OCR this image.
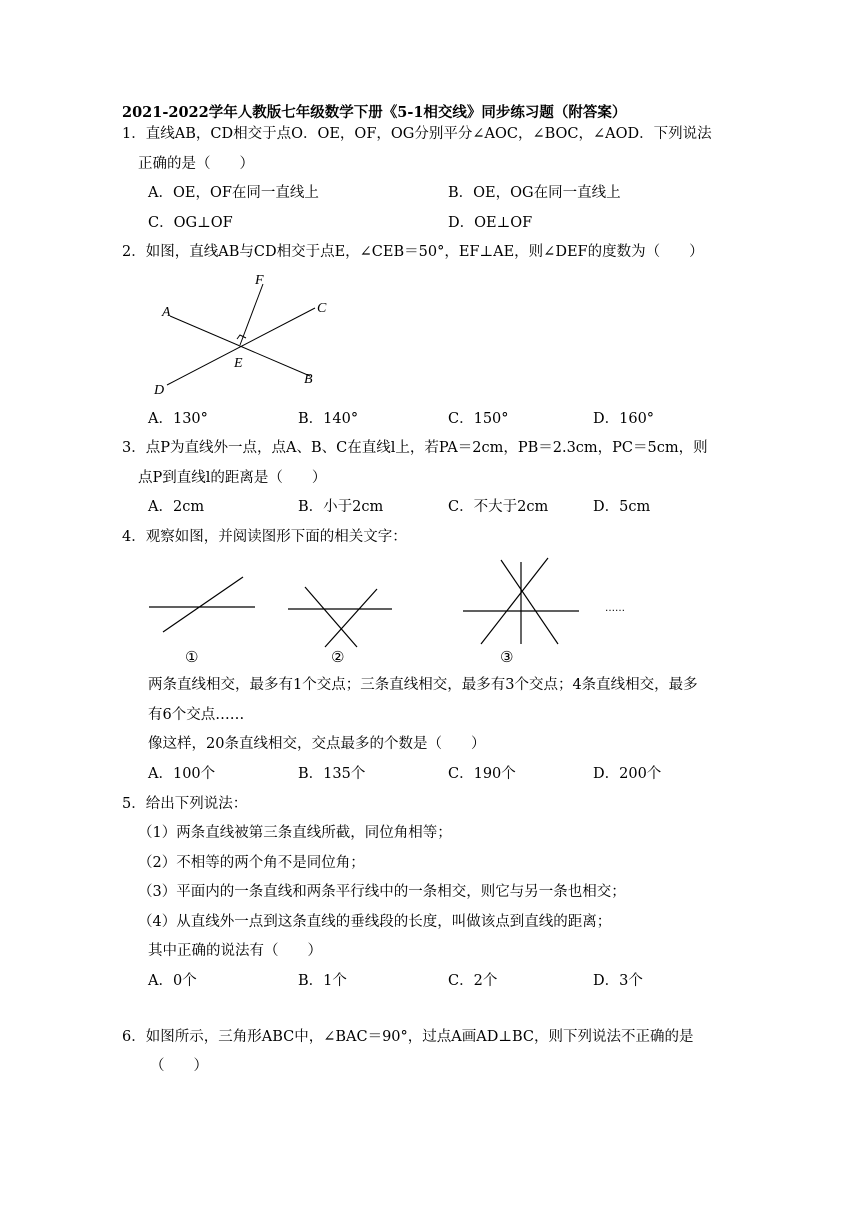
2021-2022学年人教版七年级数学下册《5-1相交线》同步练习题（附答案）
1．直线AB，CD相交于点O．OE，OF，OG分别平分∠AOC，∠BOC，∠AOD．下列说法
正确的是（　　）
A．OE，OF在同一直线上	B．OE，OG在同一直线上
C．OG⊥OF	D．OE⊥OF
2．如图，直线AB与CD相交于点E，∠CEB＝50°，EF⊥AE，则∠DEF的度数为（　　）
F
A	C
E
D
B
A．130°	B．140°	C．150°	D．160°
3．点P为直线外一点，点A、B、C在直线l上，若PA＝2cm，PB＝2.3cm，PC＝5cm，则
点P到直线l的距离是（　　）
A．2cm	B．小于2cm	C．不大于2cm	D．5cm
4．观察如图，并阅读图形下面的相关文字：
①	②	③
……
两条直线相交，最多有1个交点；三条直线相交，最多有3个交点；4条直线相交，最多
有6个交点……
像这样，20条直线相交，交点最多的个数是（　　）
A．100个	B．135个	C．190个	D．200个
5．给出下列说法：
（1）两条直线被第三条直线所截，同位角相等；
（2）不相等的两个角不是同位角；
（3）平面内的一条直线和两条平行线中的一条相交，则它与另一条也相交；
（4）从直线外一点到这条直线的垂线段的长度，叫做该点到直线的距离；
其中正确的说法有（　　）
A．0个	B．1个	C．2个	D．3个
6．如图所示，三角形ABC中，∠BAC＝90°，过点A画AD⊥BC，则下列说法不正确的是
（　　）
